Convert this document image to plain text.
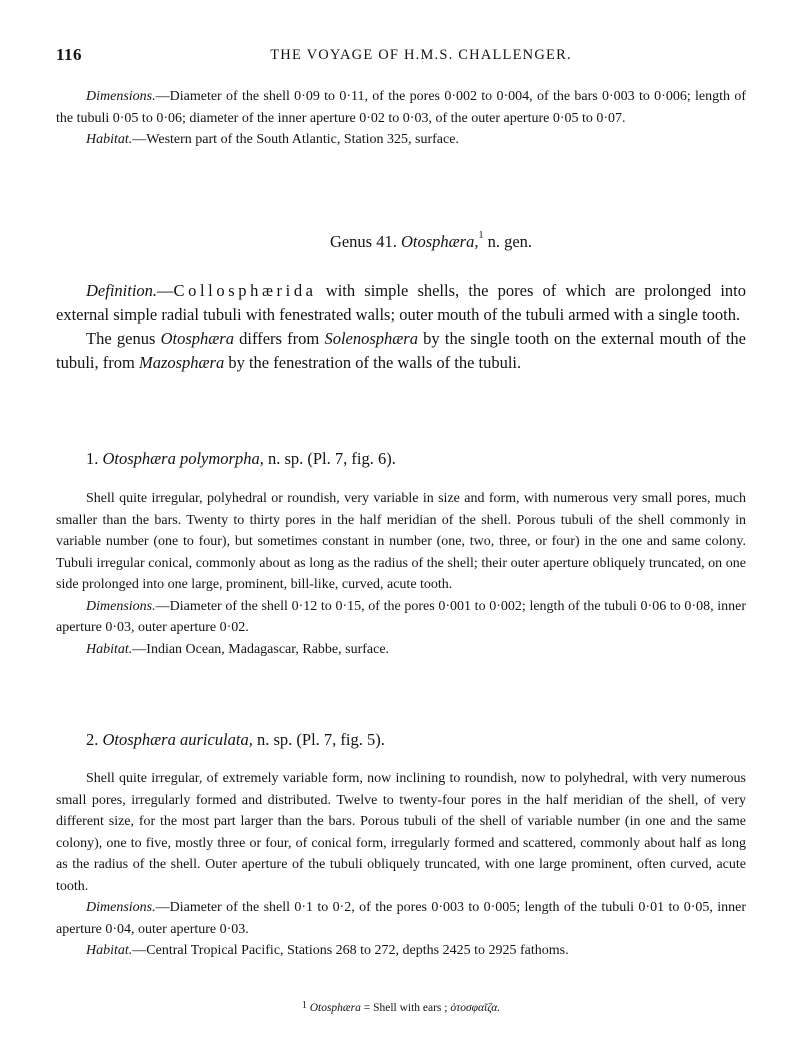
116	THE VOYAGE OF H.M.S. CHALLENGER.

Dimensions.—Diameter of the shell 0·09 to 0·11, of the pores 0·002 to 0·004, of the bars 0·003 to 0·006; length of the tubuli 0·05 to 0·06; diameter of the inner aperture 0·02 to 0·03, of the outer aperture 0·05 to 0·07.

Habitat.—Western part of the South Atlantic, Station 325, surface.

Genus 41. Otosphæra,$^1$ n. gen.

Definition.—Collosphærida with simple shells, the pores of which are prolonged into external simple radial tubuli with fenestrated walls; outer mouth of the tubuli armed with a single tooth.

The genus Otosphæra differs from Solenosphæra by the single tooth on the external mouth of the tubuli, from Mazosphæra by the fenestration of the walls of the tubuli.

1. Otosphæra polymorpha, n. sp. (Pl. 7, fig. 6).

Shell quite irregular, polyhedral or roundish, very variable in size and form, with numerous very small pores, much smaller than the bars. Twenty to thirty pores in the half meridian of the shell. Porous tubuli of the shell commonly in variable number (one to four), but sometimes constant in number (one, two, three, or four) in the one and same colony. Tubuli irregular conical, commonly about as long as the radius of the shell; their outer aperture obliquely truncated, on one side prolonged into one large, prominent, bill-like, curved, acute tooth.

Dimensions.—Diameter of the shell 0·12 to 0·15, of the pores 0·001 to 0·002; length of the tubuli 0·06 to 0·08, inner aperture 0·03, outer aperture 0·02.

Habitat.—Indian Ocean, Madagascar, Rabbe, surface.

2. Otosphæra auriculata, n. sp. (Pl. 7, fig. 5).

Shell quite irregular, of extremely variable form, now inclining to roundish, now to polyhedral, with very numerous small pores, irregularly formed and distributed. Twelve to twenty-four pores in the half meridian of the shell, of very different size, for the most part larger than the bars. Porous tubuli of the shell of variable number (in one and the same colony), one to five, mostly three or four, of conical form, irregularly formed and scattered, commonly about half as long as the radius of the shell. Outer aperture of the tubuli obliquely truncated, with one large prominent, often curved, acute tooth.

Dimensions.—Diameter of the shell 0·1 to 0·2, of the pores 0·003 to 0·005; length of the tubuli 0·01 to 0·05, inner aperture 0·04, outer aperture 0·03.

Habitat.—Central Tropical Pacific, Stations 268 to 272, depths 2425 to 2925 fathoms.

$^1$ Otosphæra = Shell with ears ; ὀτοσφαῖζα.
